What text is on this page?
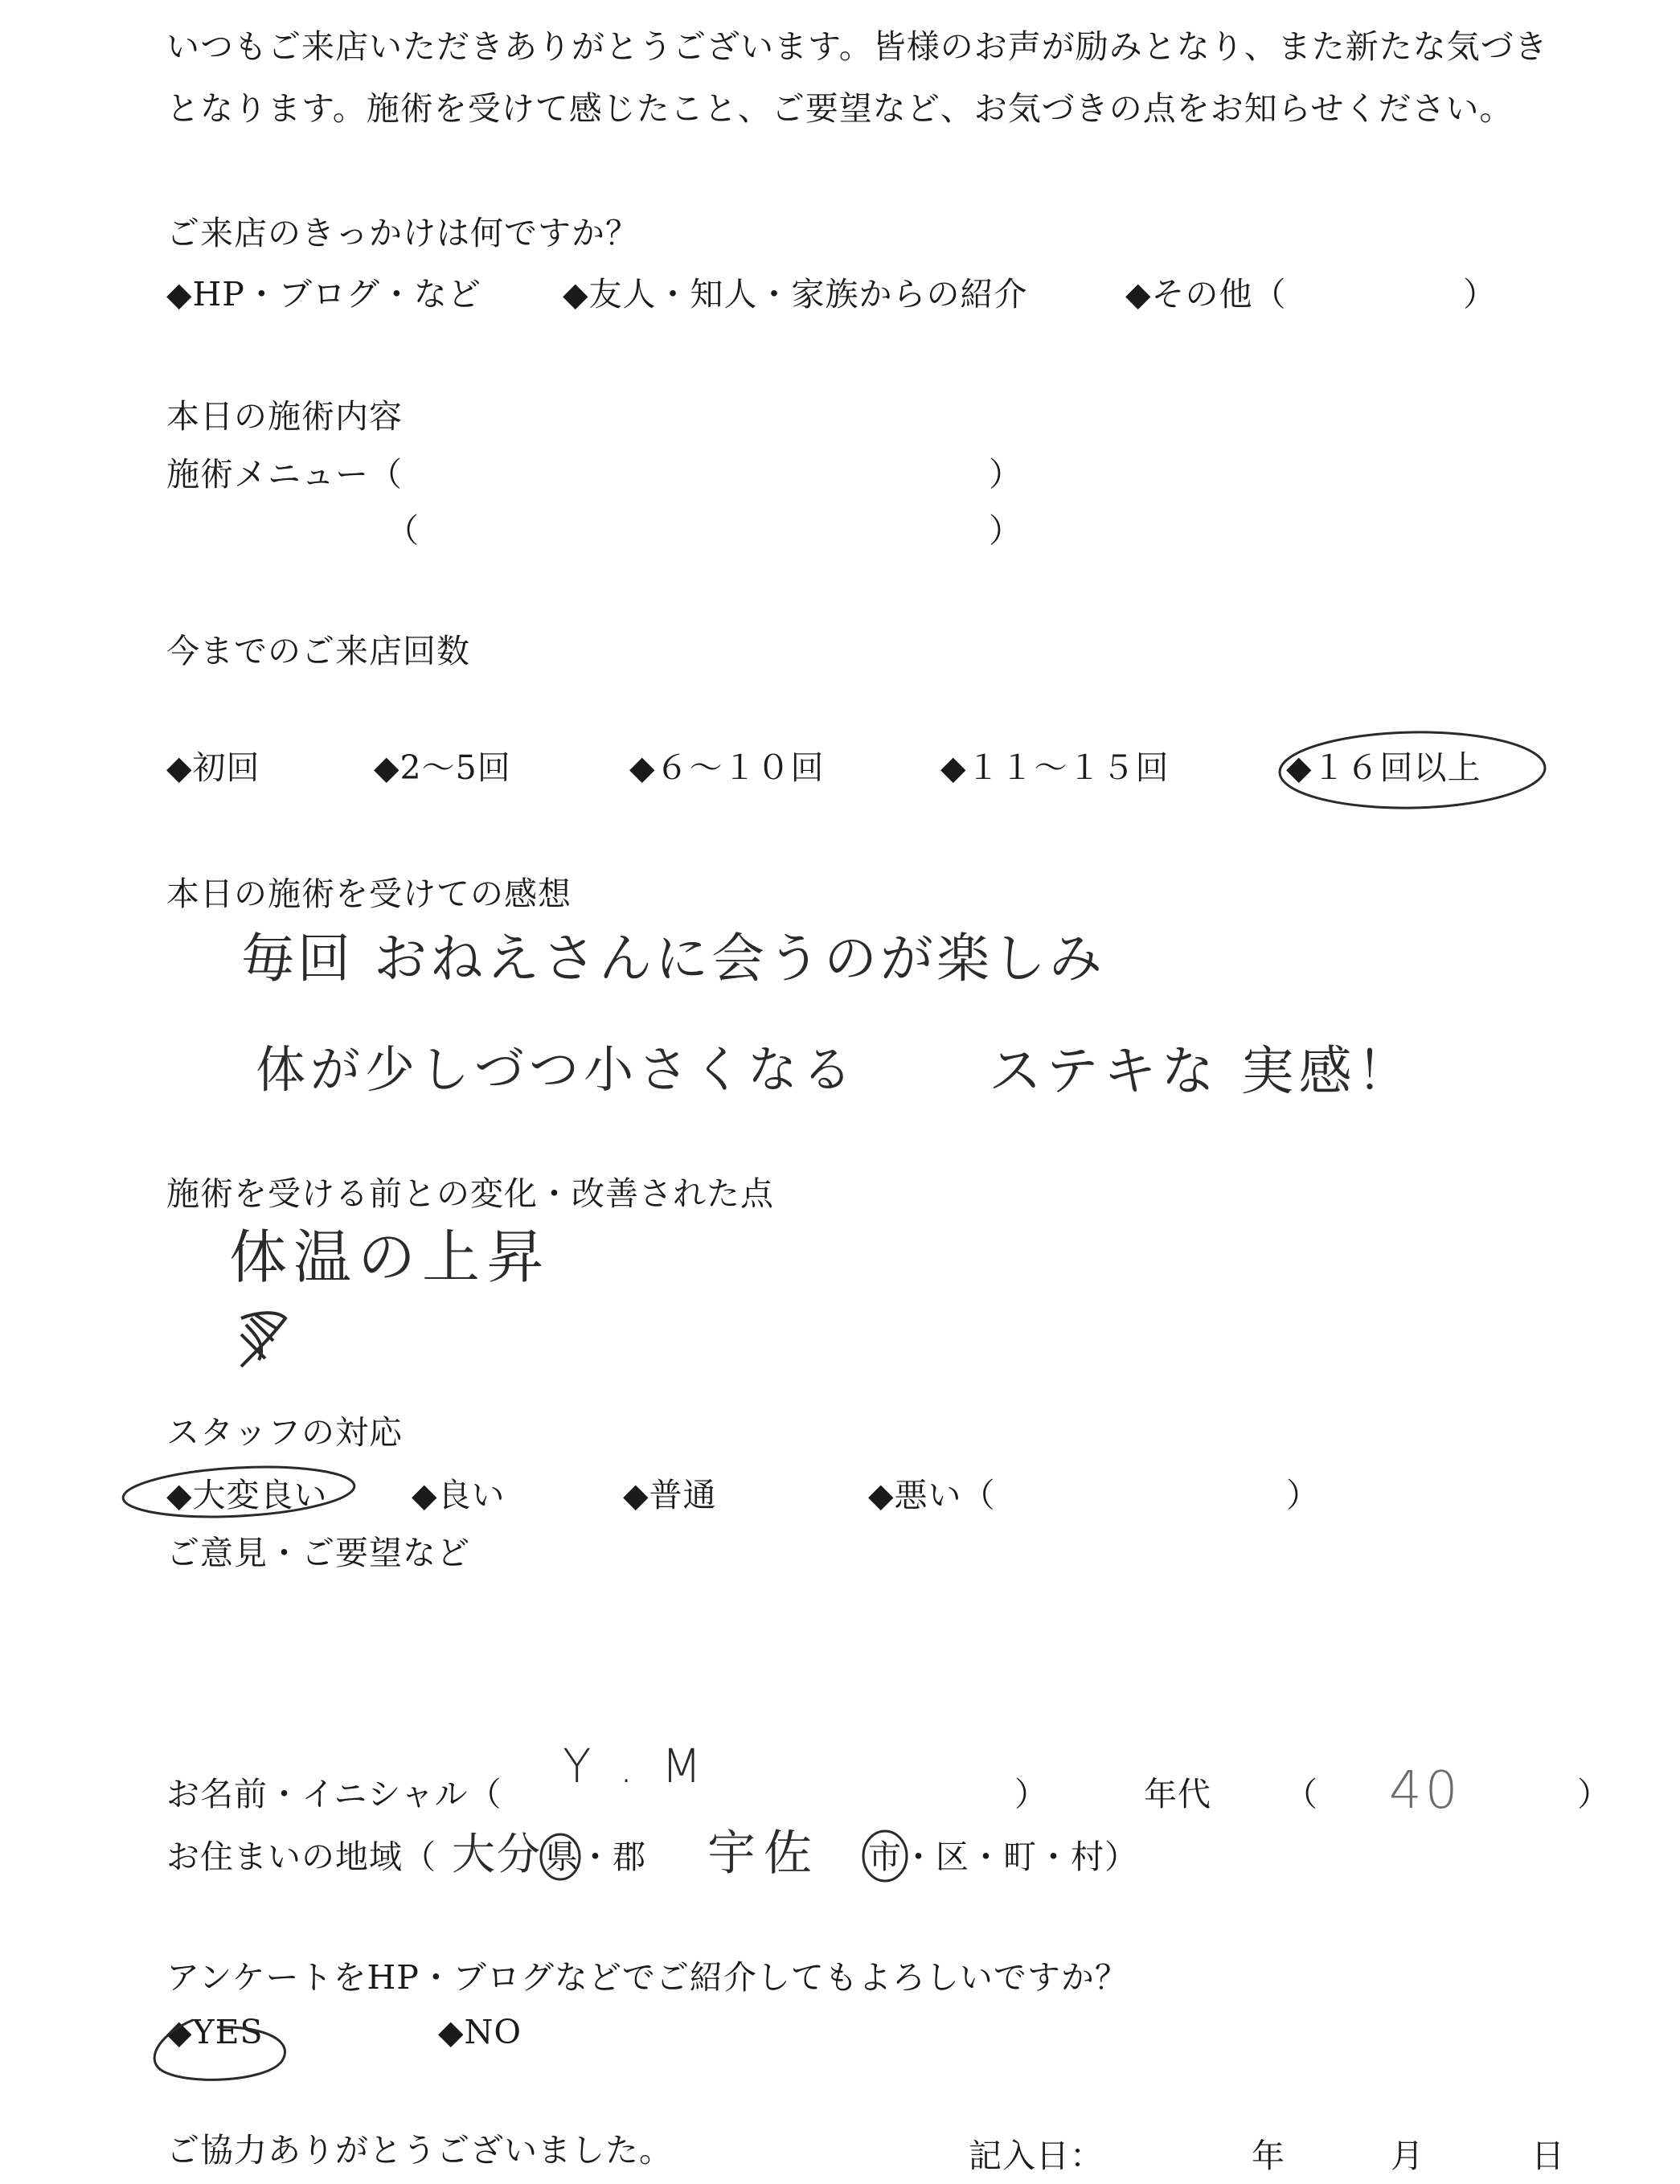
いつもご来店いただきありがとうございます。皆様のお声が励みとなり、また新たな気づき
となります。施術を受けて感じたこと、ご要望など、お気づきの点をお知らせください。
ご来店のきっかけは何ですか？
◆HP・ブログ・など ◆友人・知人・家族からの紹介	◆その他（	）
本日の施術内容
施術メニュー（	）
（	）
今までのご来店回数
◆初回	◆2～5回	◆６～１０回	◆１１～１５回	◆１６回以上
本日の施術を受けての感想
毎回 おねえさんに会うのが楽しみ
体が少しづつ小さくなる ステキな 実感！
施術を受ける前との変化・改善された点
体温の上昇
スタッフの対応
◆大変良い	◆良い	◆普通	◆悪い（	）
ご意見・ご要望など
お名前・イニシャル（
Y . M
）	年代 （ 40	）
お住まいの地域（ 大分 県 ・郡 宇佐 市 ・区・町・村）
アンケートをHP・ブログなどでご紹介してもよろしいですか？
◆YES	◆NO
ご協力ありがとうございました。	記入日：	年	月	日
